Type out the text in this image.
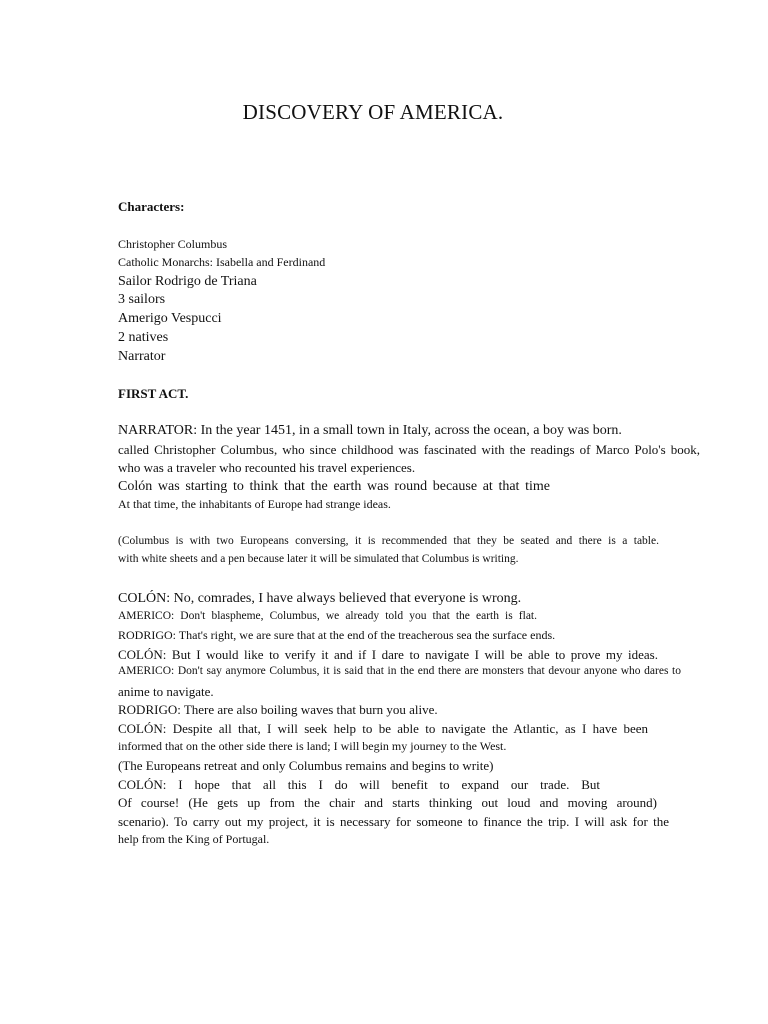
DISCOVERY OF AMERICA.
Characters:
Christopher Columbus
Catholic Monarchs: Isabella and Ferdinand
Sailor Rodrigo de Triana
3 sailors
Amerigo Vespucci
2 natives
Narrator
FIRST ACT.
NARRATOR: In the year 1451, in a small town in Italy, across the ocean, a boy was born.
called Christopher Columbus, who since childhood was fascinated with the readings of Marco Polo's book,
who was a traveler who recounted his travel experiences.
Colón was starting to think that the earth was round because at that time
At that time, the inhabitants of Europe had strange ideas.
(Columbus is with two Europeans conversing, it is recommended that they be seated and there is a table.
with white sheets and a pen because later it will be simulated that Columbus is writing.
COLÓN: No, comrades, I have always believed that everyone is wrong.
AMERICO: Don't blaspheme, Columbus, we already told you that the earth is flat.
RODRIGO: That's right, we are sure that at the end of the treacherous sea the surface ends.
COLÓN: But I would like to verify it and if I dare to navigate I will be able to prove my ideas.
AMERICO: Don't say anymore Columbus, it is said that in the end there are monsters that devour anyone who dares to
anime to navigate.
RODRIGO: There are also boiling waves that burn you alive.
COLÓN: Despite all that, I will seek help to be able to navigate the Atlantic, as I have been
informed that on the other side there is land; I will begin my journey to the West.
(The Europeans retreat and only Columbus remains and begins to write)
COLÓN: I hope that all this I do will benefit to expand our trade. But
Of course! (He gets up from the chair and starts thinking out loud and moving around)
scenario). To carry out my project, it is necessary for someone to finance the trip. I will ask for the
help from the King of Portugal.
